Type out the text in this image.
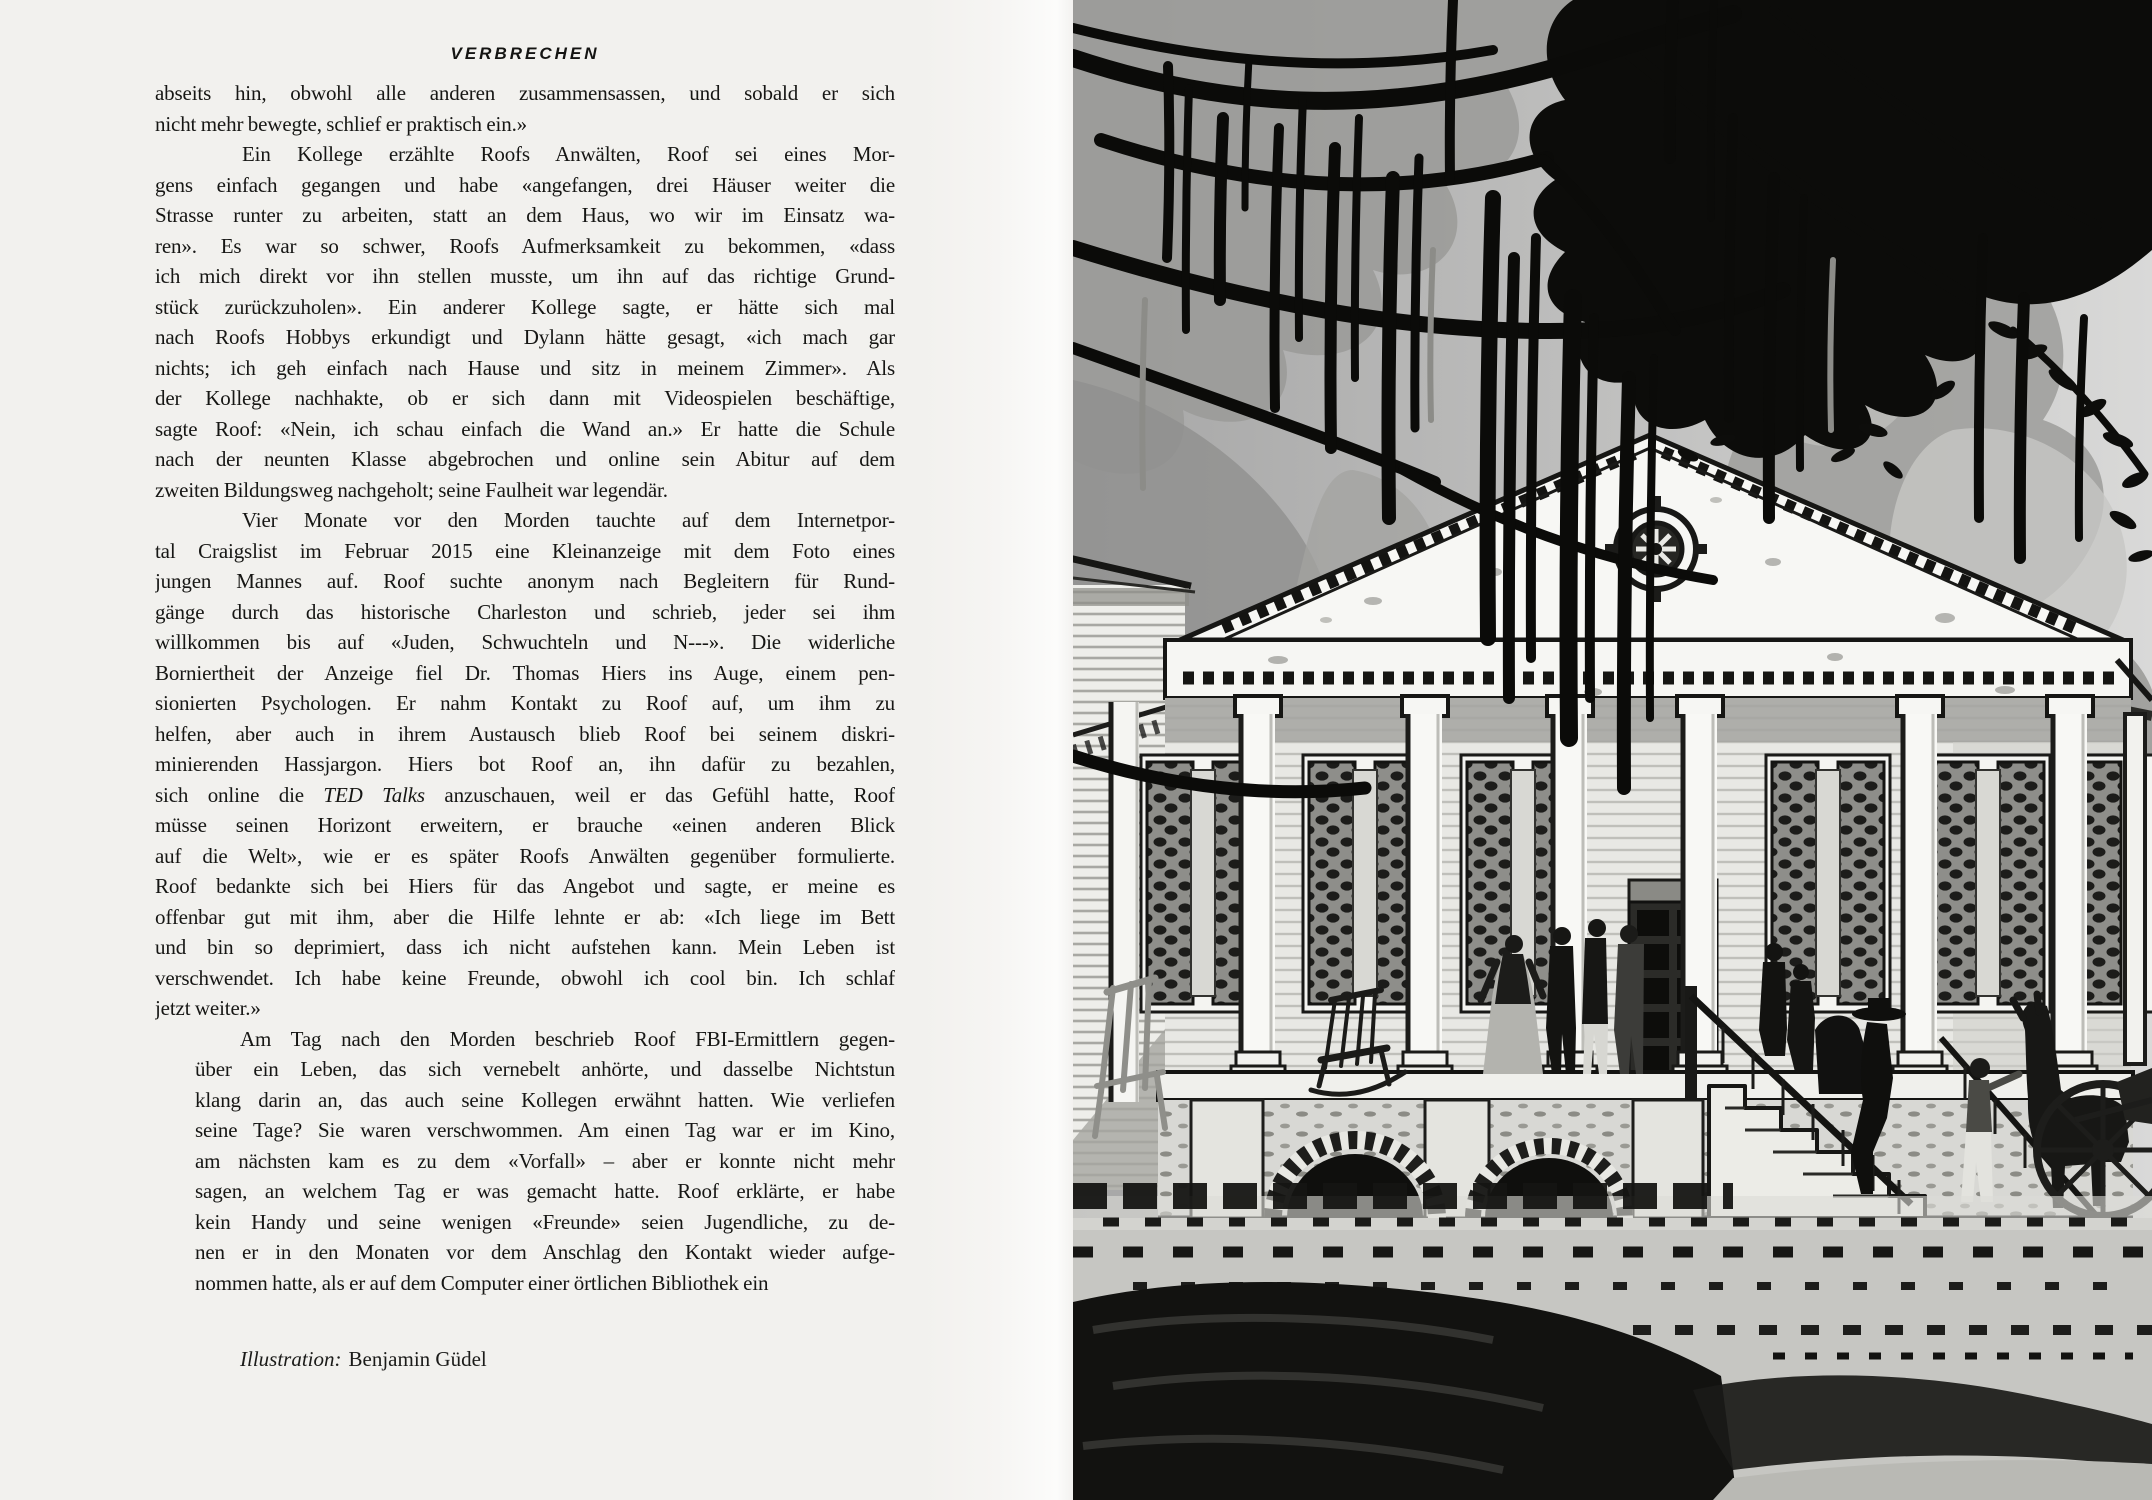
VERBRECHEN

abseits hin, obwohl alle anderen zusammensassen, und sobald er sich
nicht mehr bewegte, schlief er praktisch ein.»

Ein Kollege erzählte Roofs Anwälten, Roof sei eines Mor-
gens einfach gegangen und habe «angefangen, drei Häuser weiter die
Strasse runter zu arbeiten, statt an dem Haus, wo wir im Einsatz wa-
ren». Es war so schwer, Roofs Aufmerksamkeit zu bekommen, «dass
ich mich direkt vor ihn stellen musste, um ihn auf das richtige Grund-
stück zurückzuholen». Ein anderer Kollege sagte, er hätte sich mal
nach Roofs Hobbys erkundigt und Dylann hätte gesagt, «ich mach gar
nichts; ich geh einfach nach Hause und sitz in meinem Zimmer». Als
der Kollege nachhakte, ob er sich dann mit Videospielen beschäftige,
sagte Roof: «Nein, ich schau einfach die Wand an.» Er hatte die Schule
nach der neunten Klasse abgebrochen und online sein Abitur auf dem
zweiten Bildungsweg nachgeholt; seine Faulheit war legendär.

Vier Monate vor den Morden tauchte auf dem Internetpor-
tal Craigslist im Februar 2015 eine Kleinanzeige mit dem Foto eines
jungen Mannes auf. Roof suchte anonym nach Begleitern für Rund-
gänge durch das historische Charleston und schrieb, jeder sei ihm
willkommen bis auf «Juden, Schwuchteln und N---». Die widerliche
Borniertheit der Anzeige fiel Dr. Thomas Hiers ins Auge, einem pen-
sionierten Psychologen. Er nahm Kontakt zu Roof auf, um ihm zu
helfen, aber auch in ihrem Austausch blieb Roof bei seinem diskri-
minierenden Hassjargon. Hiers bot Roof an, ihn dafür zu bezahlen,
sich online die TED Talks anzuschauen, weil er das Gefühl hatte, Roof
müsse seinen Horizont erweitern, er brauche «einen anderen Blick
auf die Welt», wie er es später Roofs Anwälten gegenüber formulierte.
Roof bedankte sich bei Hiers für das Angebot und sagte, er meine es
offenbar gut mit ihm, aber die Hilfe lehnte er ab: «Ich liege im Bett
und bin so deprimiert, dass ich nicht aufstehen kann. Mein Leben ist
verschwendet. Ich habe keine Freunde, obwohl ich cool bin. Ich schlaf
jetzt weiter.»

Am Tag nach den Morden beschrieb Roof FBI-Ermittlern gegen-
über ein Leben, das sich vernebelt anhörte, und dasselbe Nichtstun
klang darin an, das auch seine Kollegen erwähnt hatten. Wie verliefen
seine Tage? Sie waren verschwommen. Am einen Tag war er im Kino,
am nächsten kam es zu dem «Vorfall» – aber er konnte nicht mehr
sagen, an welchem Tag er was gemacht hatte. Roof erklärte, er habe
kein Handy und seine wenigen «Freunde» seien Jugendliche, zu de-
nen er in den Monaten vor dem Anschlag den Kontakt wieder aufge-
nommen hatte, als er auf dem Computer einer örtlichen Bibliothek ein

Illustration: Benjamin Güdel
